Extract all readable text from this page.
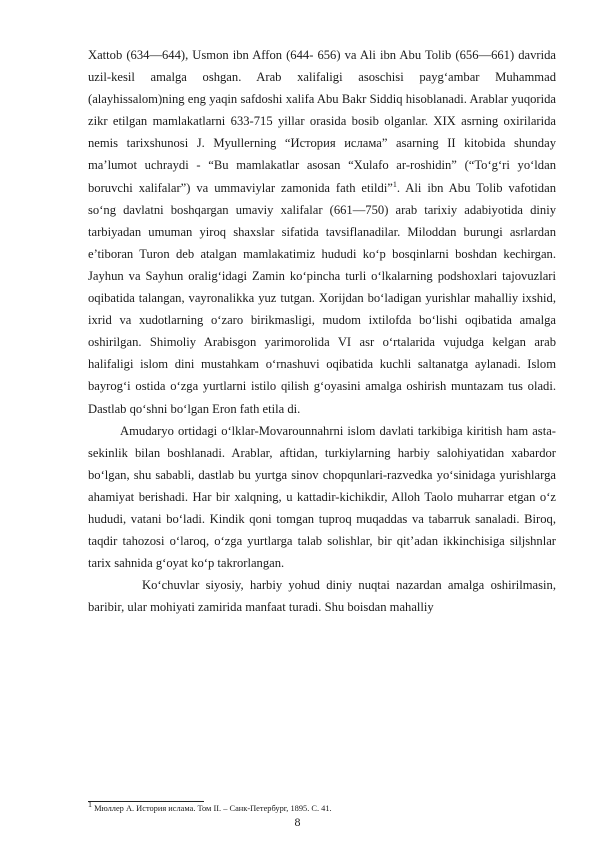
Xattob (634—644), Usmon ibn Affon (644- 656) va Ali ibn Abu Tolib (656—661) davrida uzil-kesil amalga oshgan. Arab xalifaligi asoschisi payg‘ambar Muhammad (alayhissalom)ning eng yaqin safdoshi xalifa Abu Bakr Siddiq hisoblanadi. Arablar yuqorida zikr etilgan mamlakatlarni 633-715 yillar orasida bosib olganlar. XIX asrning oxirilarida nemis tarixshunosi J. Myullerning “История ислама” asarning II kitobida shunday ma’lumot uchraydi - “Bu mamlakatlar asosan “Xulafo ar-roshidin” (“To‘g‘ri yo‘ldan boruvchi xalifalar”) va ummaviylar zamonida fath etildi”$^1$. Ali ibn Abu Tolib vafotidan so‘ng davlatni boshqargan umaviy xalifalar (661—750) arab tarixiy adabiyotida diniy tarbiyadan umuman yiroq shaxslar sifatida tavsiflanadilar. Miloddan burungi asrlardan e’tiboran Turon deb atalgan mamlakatimiz hududi ko‘p bosqinlarni boshdan kechirgan. Jayhun va Sayhun oralig‘idagi Zamin ko‘pincha turli o‘lkalarning podshoxlari tajovuzlari oqibatida talangan, vayronalikka yuz tutgan. Xorijdan bo‘ladigan yurishlar mahalliy ixshid, ixrid va xudotlarning o‘zaro birikmasligi, mudom ixtilofda bo‘lishi oqibatida amalga oshirilgan. Shimoliy Arabisgon yarimorolida VI asr o‘rtalarida vujudga kelgan arab halifaligi islom dini mustahkam o‘rnashuvi oqibatida kuchli saltanatga aylanadi. Islom bayrog‘i ostida o‘zga yurtlarni istilo qilish g‘oyasini amalga oshirish muntazam tus oladi. Dastlab qo‘shni bo‘lgan Eron fath etila di.

Amudaryo ortidagi o‘lklar-Movarounnahrni islom davlati tarkibiga kiritish ham asta-sekinlik bilan boshlanadi. Arablar, aftidan, turkiylarning harbiy salohiyatidan xabardor bo‘lgan, shu sababli, dastlab bu yurtga sinov chopqunlari-razvedka yo‘sinidaga yurishlarga ahamiyat berishadi. Har bir xalqning, u kattadir-kichikdir, Alloh Taolo muharrar etgan o‘z hududi, vatani bo‘ladi. Kindik qoni tomgan tuproq muqaddas va tabarruk sanaladi. Biroq, taqdir tahozosi o‘laroq, o‘zga yurtlarga talab solishlar, bir qit’adan ikkinchisiga siljshnlar tarix sahnida g‘oyat ko‘p takrorlangan.

Ko‘chuvlar siyosiy, harbiy yohud diniy nuqtai nazardan amalga oshirilmasin, baribir, ular mohiyati zamirida manfaat turadi. Shu boisdan mahalliy

$^1$ Мюллер А. История ислама. Том II. – Санк-Петербург, 1895. С. 41.
8
